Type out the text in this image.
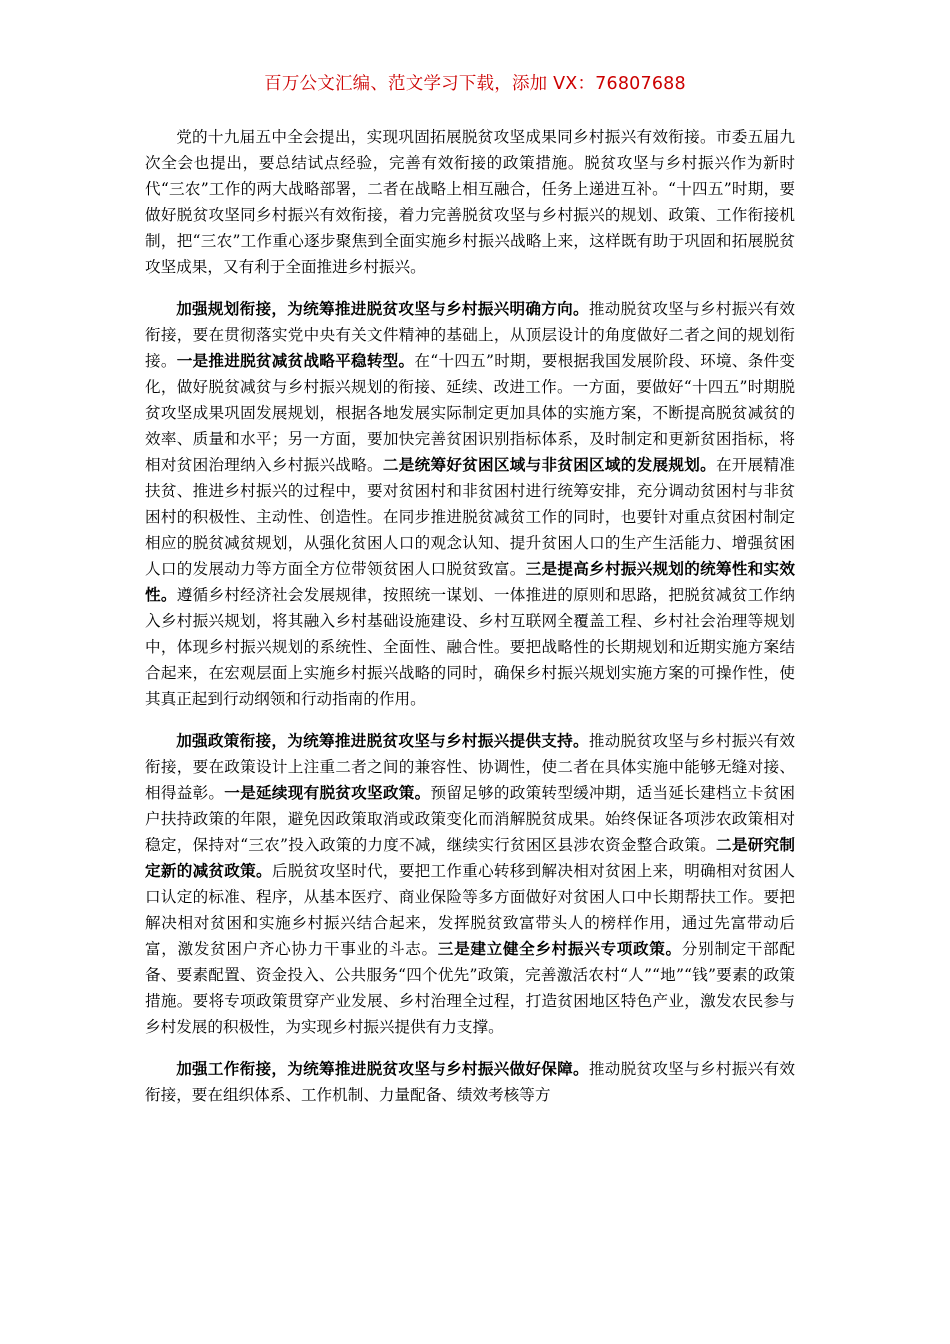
百万公文汇编、范文学习下载，添加 VX：76807688

党的十九届五中全会提出，实现巩固拓展脱贫攻坚成果同乡村振兴有效衔接。市委五届九次全会也提出，要总结试点经验，完善有效衔接的政策措施。脱贫攻坚与乡村振兴作为新时代“三农”工作的两大战略部署，二者在战略上相互融合，任务上递进互补。“十四五”时期，要做好脱贫攻坚同乡村振兴有效衔接，着力完善脱贫攻坚与乡村振兴的规划、政策、工作衔接机制，把“三农”工作重心逐步聚焦到全面实施乡村振兴战略上来，这样既有助于巩固和拓展脱贫攻坚成果，又有利于全面推进乡村振兴。

加强规划衔接，为统筹推进脱贫攻坚与乡村振兴明确方向。推动脱贫攻坚与乡村振兴有效衔接，要在贯彻落实党中央有关文件精神的基础上，从顶层设计的角度做好二者之间的规划衔接。一是推进脱贫减贫战略平稳转型。在“十四五”时期，要根据我国发展阶段、环境、条件变化，做好脱贫减贫与乡村振兴规划的衔接、延续、改进工作。一方面，要做好“十四五”时期脱贫攻坚成果巩固发展规划，根据各地发展实际制定更加具体的实施方案，不断提高脱贫减贫的效率、质量和水平；另一方面，要加快完善贫困识别指标体系，及时制定和更新贫困指标，将相对贫困治理纳入乡村振兴战略。二是统筹好贫困区域与非贫困区域的发展规划。在开展精准扶贫、推进乡村振兴的过程中，要对贫困村和非贫困村进行统筹安排，充分调动贫困村与非贫困村的积极性、主动性、创造性。在同步推进脱贫减贫工作的同时，也要针对重点贫困村制定相应的脱贫减贫规划，从强化贫困人口的观念认知、提升贫困人口的生产生活能力、增强贫困人口的发展动力等方面全方位带领贫困人口脱贫致富。三是提高乡村振兴规划的统筹性和实效性。遵循乡村经济社会发展规律，按照统一谋划、一体推进的原则和思路，把脱贫减贫工作纳入乡村振兴规划，将其融入乡村基础设施建设、乡村互联网全覆盖工程、乡村社会治理等规划中，体现乡村振兴规划的系统性、全面性、融合性。要把战略性的长期规划和近期实施方案结合起来，在宏观层面上实施乡村振兴战略的同时，确保乡村振兴规划实施方案的可操作性，使其真正起到行动纲领和行动指南的作用。

加强政策衔接，为统筹推进脱贫攻坚与乡村振兴提供支持。推动脱贫攻坚与乡村振兴有效衔接，要在政策设计上注重二者之间的兼容性、协调性，使二者在具体实施中能够无缝对接、相得益彰。一是延续现有脱贫攻坚政策。预留足够的政策转型缓冲期，适当延长建档立卡贫困户扶持政策的年限，避免因政策取消或政策变化而消解脱贫成果。始终保证各项涉农政策相对稳定，保持对“三农”投入政策的力度不减，继续实行贫困区县涉农资金整合政策。二是研究制定新的减贫政策。后脱贫攻坚时代，要把工作重心转移到解决相对贫困上来，明确相对贫困人口认定的标准、程序，从基本医疗、商业保险等多方面做好对贫困人口中长期帮扶工作。要把解决相对贫困和实施乡村振兴结合起来，发挥脱贫致富带头人的榜样作用，通过先富带动后富，激发贫困户齐心协力干事业的斗志。三是建立健全乡村振兴专项政策。分别制定干部配备、要素配置、资金投入、公共服务“四个优先”政策，完善激活农村“人”“地”“钱”要素的政策措施。要将专项政策贯穿产业发展、乡村治理全过程，打造贫困地区特色产业，激发农民参与乡村发展的积极性，为实现乡村振兴提供有力支撑。

加强工作衔接，为统筹推进脱贫攻坚与乡村振兴做好保障。推动脱贫攻坚与乡村振兴有效衔接，要在组织体系、工作机制、力量配备、绩效考核等方
